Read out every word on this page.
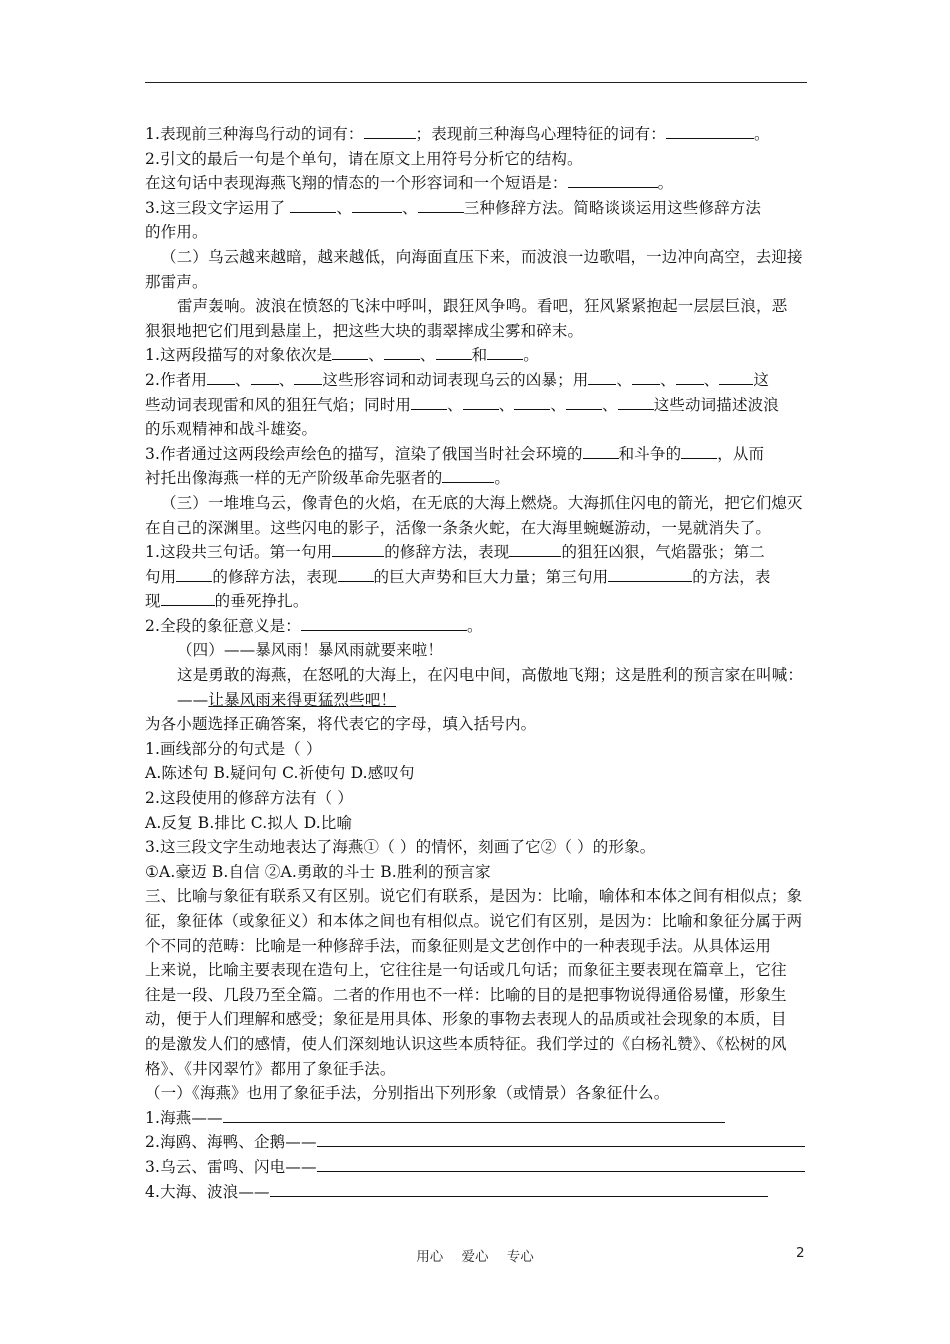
1.表现前三种海鸟行动的词有：	；表现前三种海鸟心理特征的词有：	。

2.引文的最后一句是个单句，请在原文上用符号分析它的结构。

在这句话中表现海燕飞翔的情态的一个形容词和一个短语是：	。

3.这三段文字运用了	、	、	三种修辞方法。简略谈谈运用这些修辞方法

的作用。

（二）乌云越来越暗，越来越低，向海面直压下来，而波浪一边歌唱，一边冲向高空，去迎接

那雷声。

雷声轰响。波浪在愤怒的飞沫中呼叫，跟狂风争鸣。看吧，狂风紧紧抱起一层层巨浪，恶

狠狠地把它们甩到悬崖上，把这些大块的翡翠摔成尘雾和碎末。

1.这两段描写的对象依次是 、 、 和 。

2.作者用 、 、 这些形容词和动词表现乌云的凶暴；用 、 、 、 这

些动词表现雷和风的狙狂气焰；同时用 、 、 、 、 这些动词描述波浪

的乐观精神和战斗雄姿。

3.作者通过这两段绘声绘色的描写，渲染了俄国当时社会环境的 和斗争的 ，从而

衬托出像海燕一样的无产阶级革命先驱者的	。

（三）一堆堆乌云，像青色的火焰，在无底的大海上燃烧。大海抓住闪电的箭光，把它们熄灭

在自己的深渊里。这些闪电的影子，活像一条条火蛇，在大海里蜿蜒游动，一晃就消失了。

1.这段共三句话。第一句用	的修辞方法，表现	的狙狂凶狠，气焰嚣张；第二

句用 的修辞方法，表现 的巨大声势和巨大力量；第三句用	的方法，表

现	的垂死挣扎。

2.全段的象征意义是：	。

（四）——暴风雨！暴风雨就要来啦！

这是勇敢的海燕，在怒吼的大海上，在闪电中间，高傲地飞翔；这是胜利的预言家在叫喊：

——让暴风雨来得更猛烈些吧！

为各小题选择正确答案，将代表它的字母，填入括号内。

1.画线部分的句式是（ ）

A.陈述句 B.疑问句 C.祈使句 D.感叹句

2.这段使用的修辞方法有（ ）

A.反复 B.排比 C.拟人 D.比喻

3.这三段文字生动地表达了海燕①（ ）的情怀，刻画了它②（ ）的形象。

①A.豪迈 B.自信 ②A.勇敢的斗士 B.胜利的预言家

三、比喻与象征有联系又有区别。说它们有联系，是因为：比喻，喻体和本体之间有相似点；象

征，象征体（或象征义）和本体之间也有相似点。说它们有区别，是因为：比喻和象征分属于两

个不同的范畴：比喻是一种修辞手法，而象征则是文艺创作中的一种表现手法。从具体运用

上来说，比喻主要表现在造句上，它往往是一句话或几句话；而象征主要表现在篇章上，它往

往是一段、几段乃至全篇。二者的作用也不一样：比喻的目的是把事物说得通俗易懂，形象生

动，便于人们理解和感受；象征是用具体、形象的事物去表现人的品质或社会现象的本质，目

的是激发人们的感情，使人们深刻地认识这些本质特征。我们学过的《白杨礼赞》、《松树的风

格》、《井冈翠竹》都用了象征手法。

（一）《海燕》也用了象征手法，分别指出下列形象（或情景）各象征什么。

1.海燕——

2.海鸥、海鸭、企鹅——

3.乌云、雷鸣、闪电——

4.大海、波浪——

用心 爱心 专心	2
